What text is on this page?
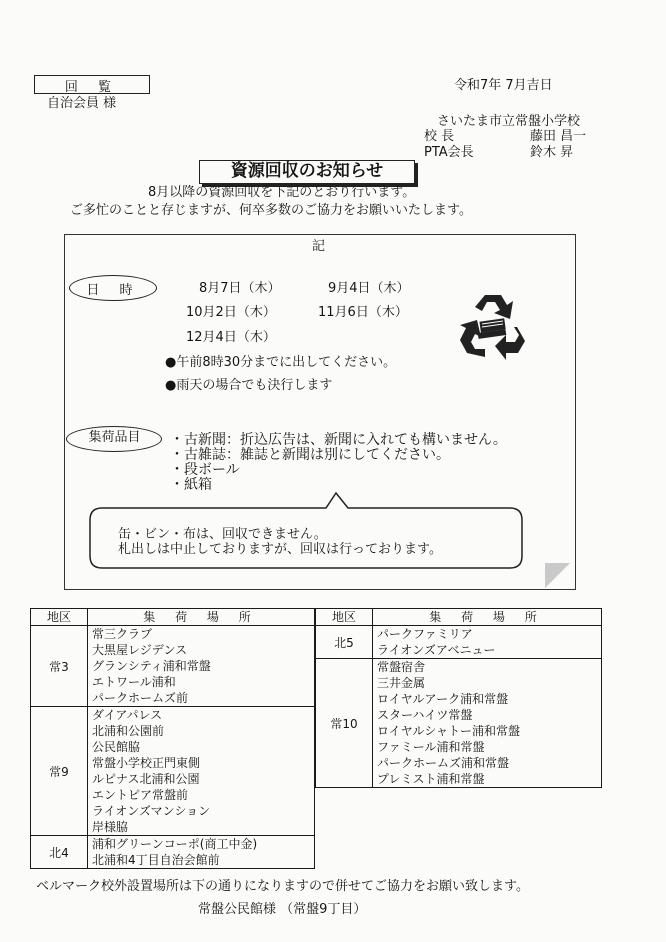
回 覧
自治会員 様
令和7年 7月吉日
さいたま市立常盤小学校
校 長	藤田 昌一
PTA会長	鈴木 昇
資源回収のお知らせ
8月以降の資源回収を下記のとおり行います。
ご多忙のことと存じますが、何卒多数のご協力をお願いいたします。
記
日 時	8月7日（木）	9月4日（木）
10月2日（木）	11月6日（木）
12月4日（木）
●午前8時30分までに出してください。
●雨天の場合でも決行します
集荷品目	・古新聞：折込広告は、新聞に入れても構いません。
・古雑誌：雑誌と新聞は別にしてください。
・段ボール
・紙箱
缶・ビン・布は、回収できません。
札出しは中止しておりますが、回収は行っております。
地区	集 荷 場 所
常3	常三クラブ
	大黒屋レジデンス
	グランシティ浦和常盤
	エトワール浦和
	パークホームズ前
常9	ダイアパレス
	北浦和公園前
	公民館脇
	常盤小学校正門東側
	ルピナス北浦和公園
	エントピア常盤前
	ライオンズマンション
	岸様脇
北4	浦和グリーンコーポ(商工中金)
	北浦和4丁目自治会館前
地区	集 荷 場 所
北5	パークファミリア
	ライオンズアベニュー
常10	常盤宿舎
	三井金属
	ロイヤルアーク浦和常盤
	スターハイツ常盤
	ロイヤルシャトー浦和常盤
	ファミール浦和常盤
	パークホームズ浦和常盤
	プレミスト浦和常盤
ベルマーク校外設置場所は下の通りになりますので併せてご協力をお願い致します。
常盤公民館様 （常盤9丁目）
